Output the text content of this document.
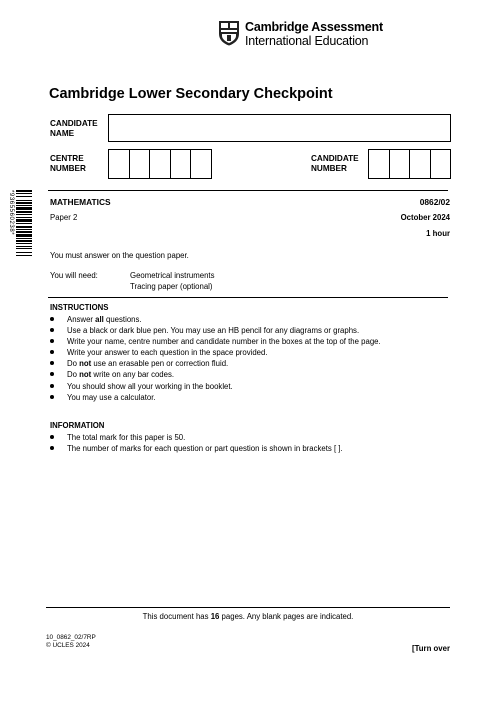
Cambridge Assessment
International Education
Cambridge Lower Secondary Checkpoint
CANDIDATE
NAME
CENTRE
NUMBER
CANDIDATE
NUMBER
*9365560238*	MATHEMATICS	0862/02
Paper 2	October 2024
1 hour
You must answer on the question paper.
You will need:	Geometrical instruments
Tracing paper (optional)
INSTRUCTIONS
Answer all questions.
Use a black or dark blue pen. You may use an HB pencil for any diagrams or graphs.
Write your name, centre number and candidate number in the boxes at the top of the page.
Write your answer to each question in the space provided.
Do not use an erasable pen or correction fluid.
Do not write on any bar codes.
You should show all your working in the booklet.
You may use a calculator.
INFORMATION
The total mark for this paper is 50.
The number of marks for each question or part question is shown in brackets [ ].
This document has 16 pages. Any blank pages are indicated.
10_0862_02/7RP
© UCLES 2024	[Turn over
